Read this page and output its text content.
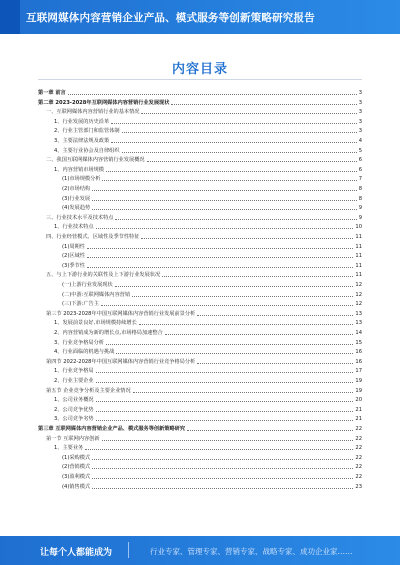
互联网媒体内容营销企业产品、模式服务等创新策略研究报告
内容目录
第一章 前言	3
第二章 2023-2028年互联网媒体内容营销行业发展现状	3
一、互联网媒体内容营销行业的基本情况	3
1、行业发展的历史沿革	3
2、行业主管部门和监管体制	3
3、主要法律法规及政策	4
4、主要行业协会及自律组织	5
二、我国互联网媒体内容营销行业发展概况	6
1、内容营销市场规模	6
(1)市场规模分析	7
(2)市场结构	8
(3)行业发展	8
(4)发展趋势	9
三、行业技术水平及技术特点	9
1、行业技术特点	10
四、行业经营模式、区域性及季节性特征	11
(1)周期性	11
(2)区域性	11
(3)季节性	11
五、与上下游行业的关联性及上下游行业发展状况	11
(一)上游行业发展现状	12
(二)中游:互联网媒体内容营销	12
(三)下游:广告主	12
第三节 2023-2028年中国互联网媒体内容营销行业发展前景分析	13
1、发展前景良好,市场规模持续增长	13
2、内容营销成为新的增长点,市场格局加速整合	14
3、行业竞争格局分析	15
4、行业面临的机遇与挑战	16
第四节 2022-2028年中国互联网媒体内容营销行业竞争格局分析	16
1、行业竞争格局	17
2、行业主要企业	19
第五节 企业竞争分析及主要企业情况	19
1、公司业务概况	20
2、公司竞争优势	21
3、公司竞争劣势	21
第三章 互联网媒体内容营销企业产品、模式服务等创新策略研究	22
第一节 互联网内容创新	22
1、主要业务	22
(1)采购模式	22
(2)营销模式	22
(3)盈利模式	22
(4)销售模式	23
让每个人都能成为	行业专家、管理专家、营销专家、战略专家、成功企业家……
